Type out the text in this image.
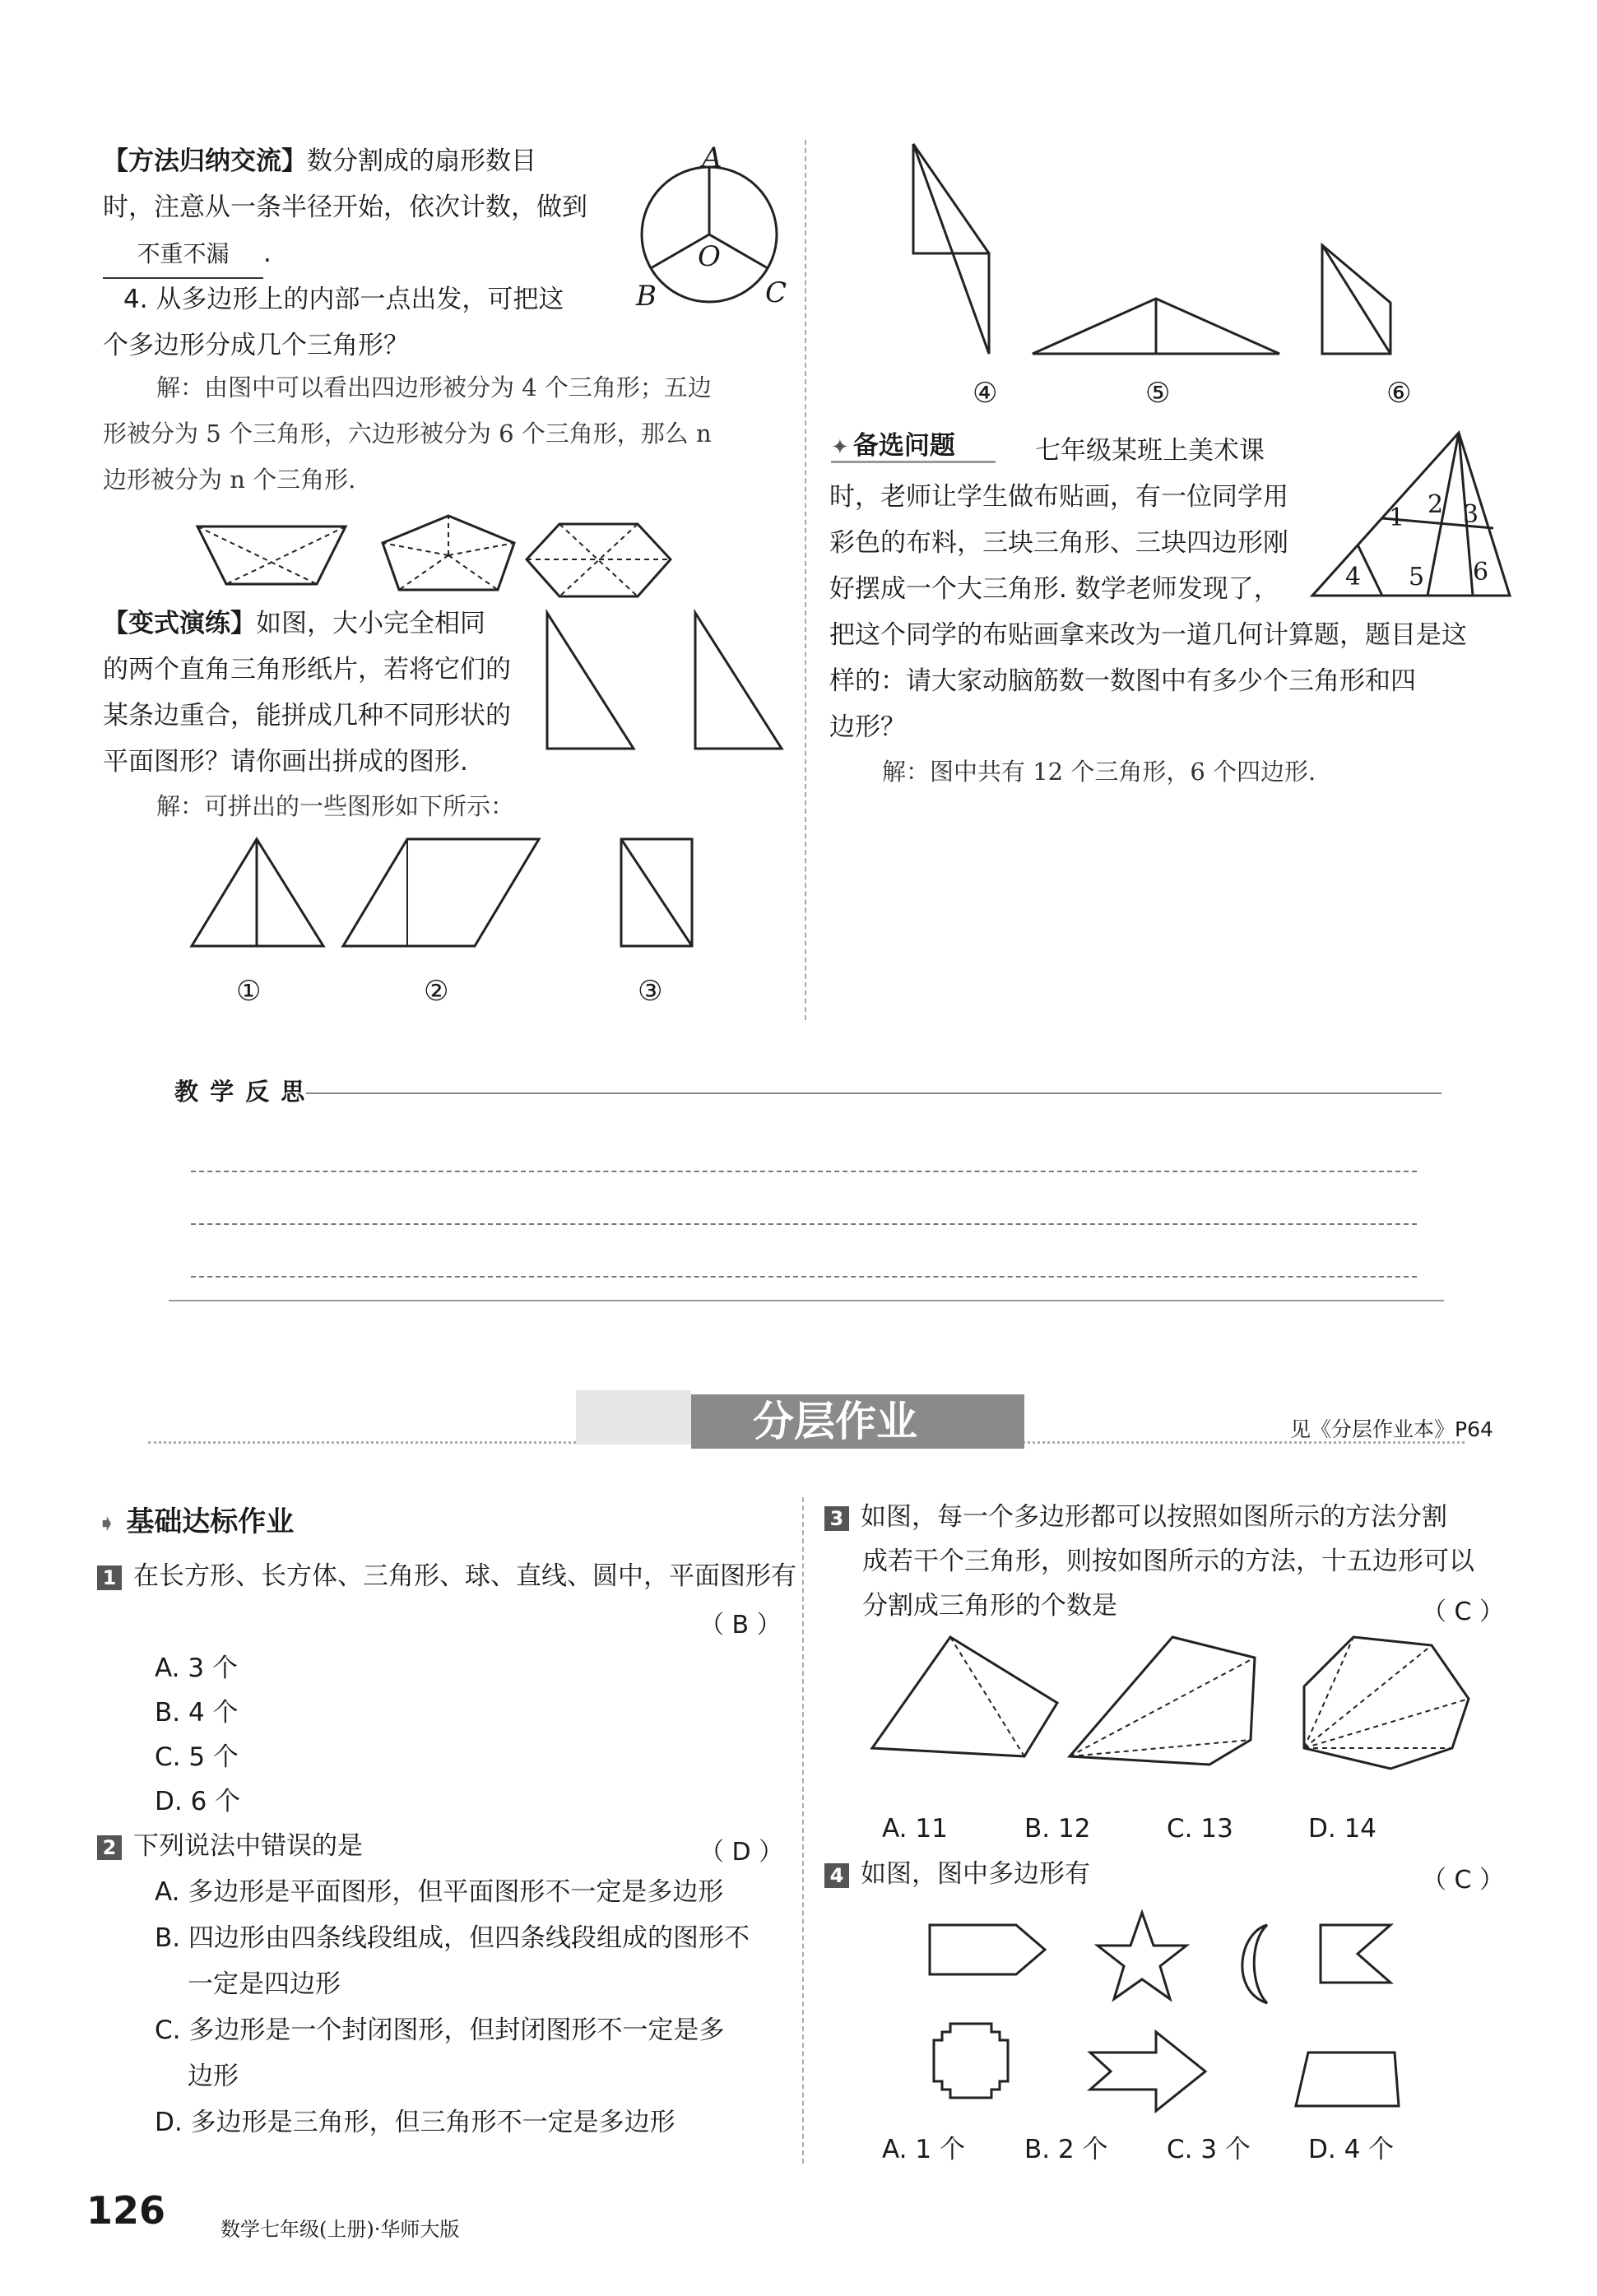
【方法归纳交流】数分割成的扇形数目
时，注意从一条半径开始，依次计数，做到
不重不漏 .
A
O
B	C
4. 从多边形上的内部一点出发，可把这
个多边形分成几个三角形？
解：由图中可以看出四边形被分为 4 个三角形；五边
形被分为 5 个三角形，六边形被分为 6 个三角形，那么 n
边形被分为 n 个三角形.
【变式演练】如图，大小完全相同
的两个直角三角形纸片，若将它们的
某条边重合，能拼成几种不同形状的
平面图形？请你画出拼成的图形.
解：可拼出的一些图形如下所示：
①	②	③
④	⑤	⑥
✦ 备选问题	七年级某班上美术课
时，老师让学生做布贴画，有一位同学用
彩色的布料，三块三角形、三块四边形刚
好摆成一个大三角形. 数学老师发现了，
把这个同学的布贴画拿来改为一道几何计算题，题目是这
样的：请大家动脑筋数一数图中有多少个三角形和四
边形？
1 2 3
4 5 6
解：图中共有 12 个三角形，6 个四边形.
教 学 反 思
分层作业	见《分层作业本》P64
➧ 基础达标作业
1 在长方形、长方体、三角形、球、直线、圆中，平面图形有
（ B ）
A. 3 个
B. 4 个
C. 5 个
D. 6 个
2 下列说法中错误的是	（ D ）
A. 多边形是平面图形，但平面图形不一定是多边形
B. 四边形由四条线段组成，但四条线段组成的图形不
一定是四边形
C. 多边形是一个封闭图形，但封闭图形不一定是多
边形
D. 多边形是三角形，但三角形不一定是多边形
3 如图，每一个多边形都可以按照如图所示的方法分割
成若干个三角形，则按如图所示的方法，十五边形可以
分割成三角形的个数是	（ C ）
A. 11	B. 12	C. 13	D. 14
4 如图，图中多边形有	（ C ）
A. 1 个 B. 2 个 C. 3 个 D. 4 个
126	数学七年级(上册)·华师大版
